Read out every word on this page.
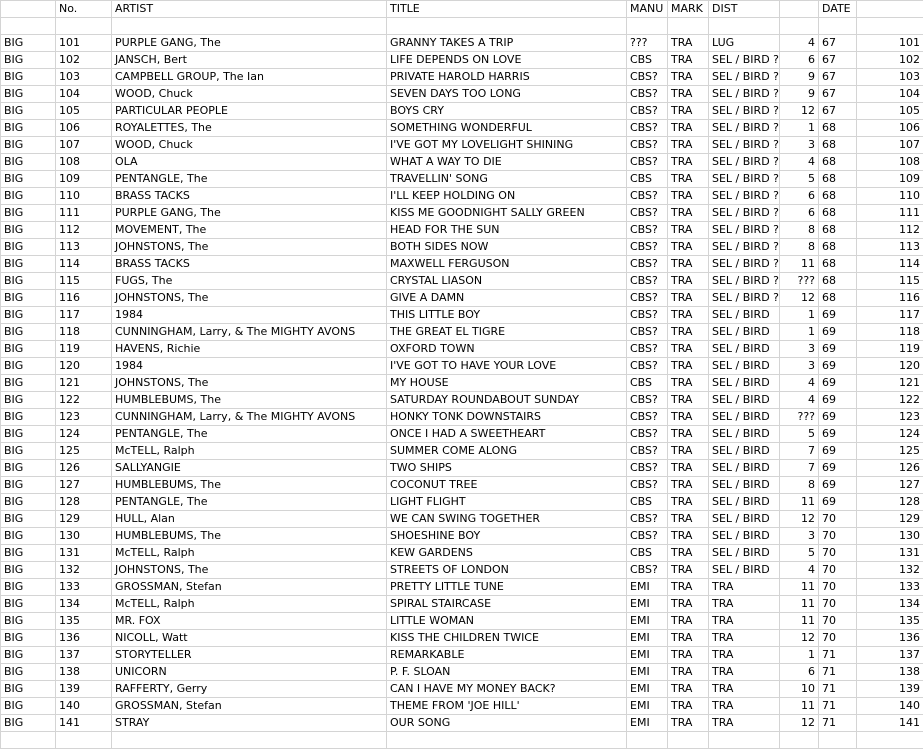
	No.	ARTIST	TITLE	MANU	MARK	DIST		DATE	

BIG	101	PURPLE GANG, The	GRANNY TAKES A TRIP	???	TRA	LUG	4	67	101
BIG	102	JANSCH, Bert	LIFE DEPENDS ON LOVE	CBS	TRA	SEL / BIRD ?	6	67	102
BIG	103	CAMPBELL GROUP, The Ian	PRIVATE HAROLD HARRIS	CBS?	TRA	SEL / BIRD ?	9	67	103
BIG	104	WOOD, Chuck	SEVEN DAYS TOO LONG	CBS?	TRA	SEL / BIRD ?	9	67	104
BIG	105	PARTICULAR PEOPLE	BOYS CRY	CBS?	TRA	SEL / BIRD ?	12	67	105
BIG	106	ROYALETTES, The	SOMETHING WONDERFUL	CBS?	TRA	SEL / BIRD ?	1	68	106
BIG	107	WOOD, Chuck	I'VE GOT MY LOVELIGHT SHINING	CBS?	TRA	SEL / BIRD ?	3	68	107
BIG	108	OLA	WHAT A WAY TO DIE	CBS?	TRA	SEL / BIRD ?	4	68	108
BIG	109	PENTANGLE, The	TRAVELLIN' SONG	CBS	TRA	SEL / BIRD ?	5	68	109
BIG	110	BRASS TACKS	I'LL KEEP HOLDING ON	CBS?	TRA	SEL / BIRD ?	6	68	110
BIG	111	PURPLE GANG, The	KISS ME GOODNIGHT SALLY GREEN	CBS?	TRA	SEL / BIRD ?	6	68	111
BIG	112	MOVEMENT, The	HEAD FOR THE SUN	CBS?	TRA	SEL / BIRD ?	8	68	112
BIG	113	JOHNSTONS, The	BOTH SIDES NOW	CBS?	TRA	SEL / BIRD ?	8	68	113
BIG	114	BRASS TACKS	MAXWELL FERGUSON	CBS?	TRA	SEL / BIRD ?	11	68	114
BIG	115	FUGS, The	CRYSTAL LIASON	CBS?	TRA	SEL / BIRD ?	???	68	115
BIG	116	JOHNSTONS, The	GIVE A DAMN	CBS?	TRA	SEL / BIRD ?	12	68	116
BIG	117	1984	THIS LITTLE BOY	CBS?	TRA	SEL / BIRD	1	69	117
BIG	118	CUNNINGHAM, Larry, & The MIGHTY AVONS	THE GREAT EL TIGRE	CBS?	TRA	SEL / BIRD	1	69	118
BIG	119	HAVENS, Richie	OXFORD TOWN	CBS?	TRA	SEL / BIRD	3	69	119
BIG	120	1984	I'VE GOT TO HAVE YOUR LOVE	CBS?	TRA	SEL / BIRD	3	69	120
BIG	121	JOHNSTONS, The	MY HOUSE	CBS	TRA	SEL / BIRD	4	69	121
BIG	122	HUMBLEBUMS, The	SATURDAY ROUNDABOUT SUNDAY	CBS?	TRA	SEL / BIRD	4	69	122
BIG	123	CUNNINGHAM, Larry, & The MIGHTY AVONS	HONKY TONK DOWNSTAIRS	CBS?	TRA	SEL / BIRD	???	69	123
BIG	124	PENTANGLE, The	ONCE I HAD A SWEETHEART	CBS?	TRA	SEL / BIRD	5	69	124
BIG	125	McTELL, Ralph	SUMMER COME ALONG	CBS?	TRA	SEL / BIRD	7	69	125
BIG	126	SALLYANGIE	TWO SHIPS	CBS?	TRA	SEL / BIRD	7	69	126
BIG	127	HUMBLEBUMS, The	COCONUT TREE	CBS?	TRA	SEL / BIRD	8	69	127
BIG	128	PENTANGLE, The	LIGHT FLIGHT	CBS	TRA	SEL / BIRD	11	69	128
BIG	129	HULL, Alan	WE CAN SWING TOGETHER	CBS?	TRA	SEL / BIRD	12	70	129
BIG	130	HUMBLEBUMS, The	SHOESHINE BOY	CBS?	TRA	SEL / BIRD	3	70	130
BIG	131	McTELL, Ralph	KEW GARDENS	CBS	TRA	SEL / BIRD	5	70	131
BIG	132	JOHNSTONS, The	STREETS OF LONDON	CBS?	TRA	SEL / BIRD	4	70	132
BIG	133	GROSSMAN, Stefan	PRETTY LITTLE TUNE	EMI	TRA	TRA	11	70	133
BIG	134	McTELL, Ralph	SPIRAL STAIRCASE	EMI	TRA	TRA	11	70	134
BIG	135	MR. FOX	LITTLE WOMAN	EMI	TRA	TRA	11	70	135
BIG	136	NICOLL, Watt	KISS THE CHILDREN TWICE	EMI	TRA	TRA	12	70	136
BIG	137	STORYTELLER	REMARKABLE	EMI	TRA	TRA	1	71	137
BIG	138	UNICORN	P. F. SLOAN	EMI	TRA	TRA	6	71	138
BIG	139	RAFFERTY, Gerry	CAN I HAVE MY MONEY BACK?	EMI	TRA	TRA	10	71	139
BIG	140	GROSSMAN, Stefan	THEME FROM 'JOE HILL'	EMI	TRA	TRA	11	71	140
BIG	141	STRAY	OUR SONG	EMI	TRA	TRA	12	71	141
